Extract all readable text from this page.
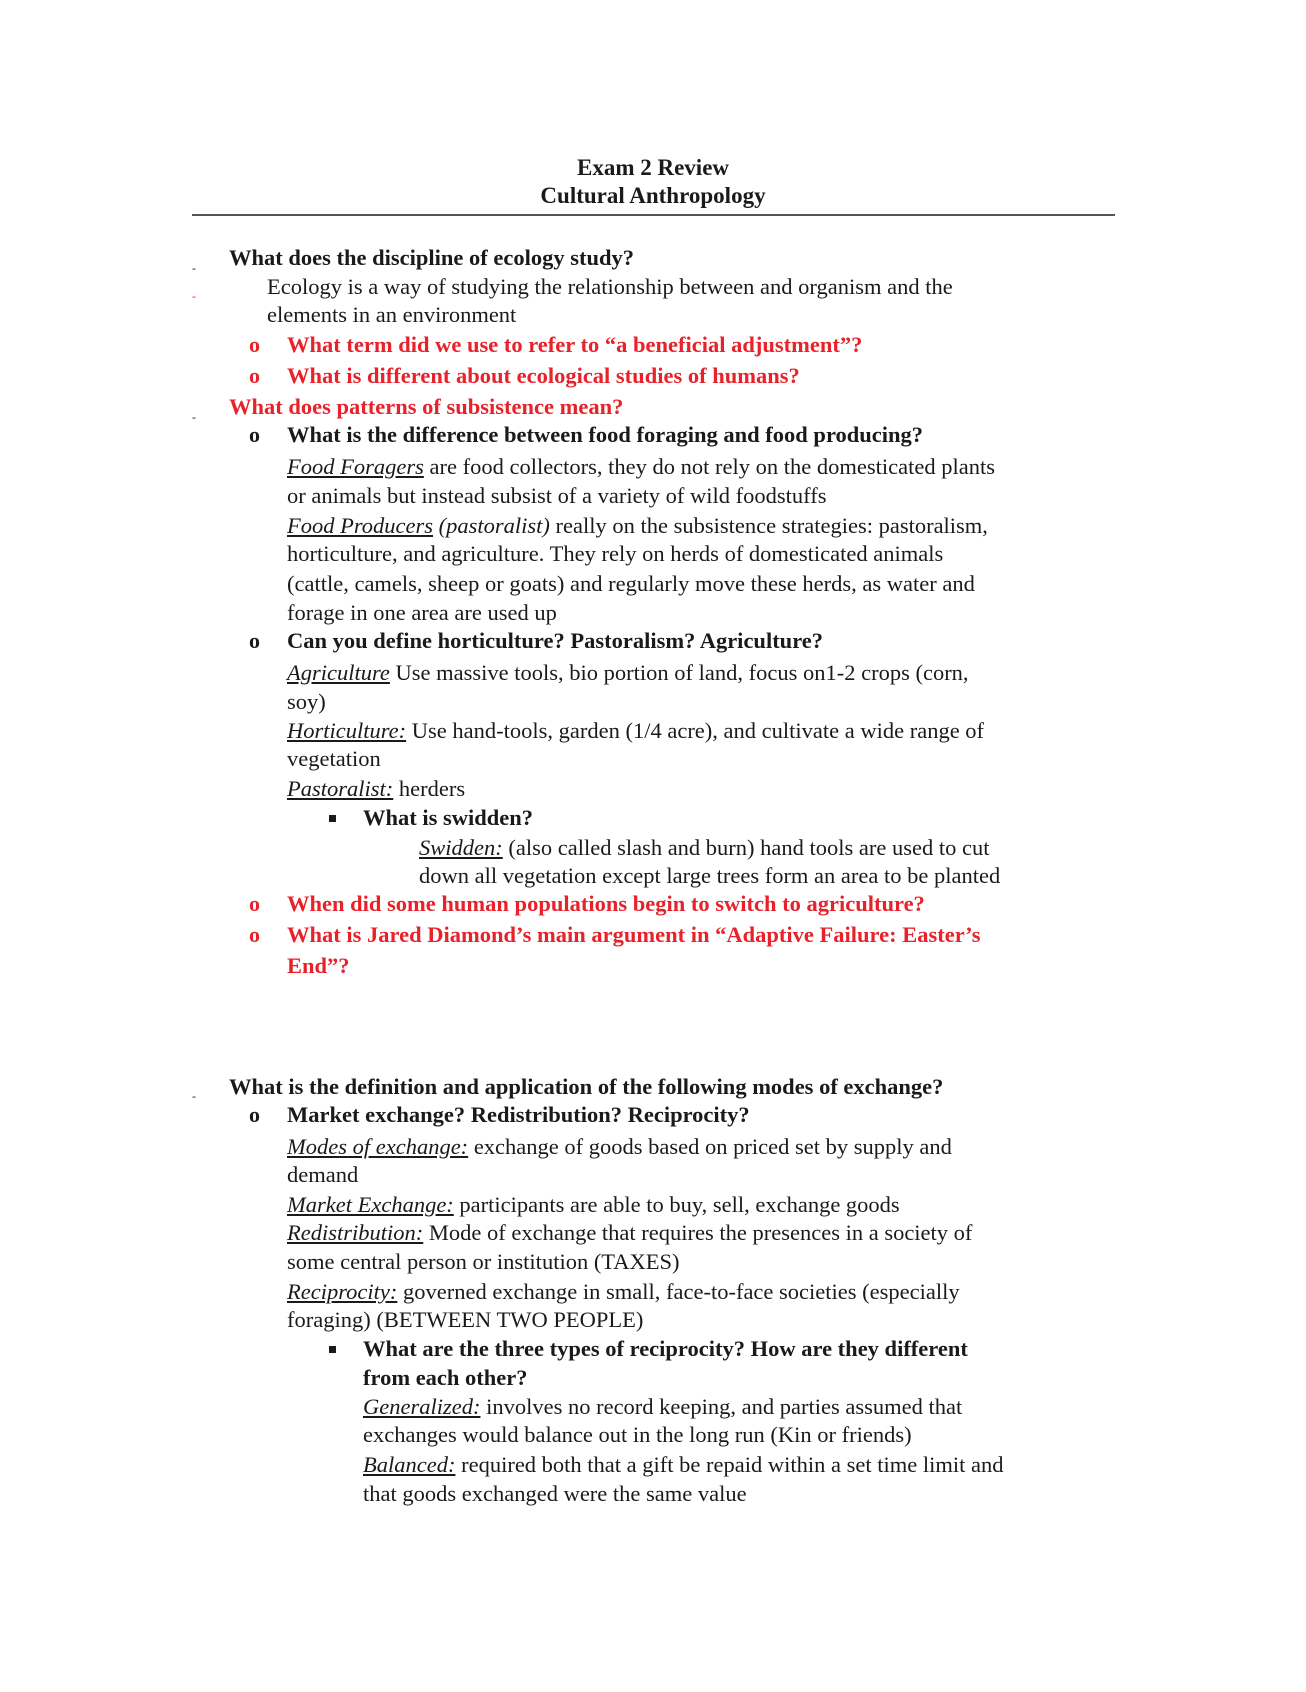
Exam 2 Review
Cultural Anthropology
- What does the discipline of ecology study?
-	Ecology is a way of studying the relationship between and organism and the
elements in an environment
o What term did we use to refer to “a beneficial adjustment”?
o What is different about ecological studies of humans?
- What does patterns of subsistence mean?
o What is the difference between food foraging and food producing?
Food Foragers are food collectors, they do not rely on the domesticated plants
or animals but instead subsist of a variety of wild foodstuffs
Food Producers (pastoralist) really on the subsistence strategies: pastoralism,
horticulture, and agriculture. They rely on herds of domesticated animals
(cattle, camels, sheep or goats) and regularly move these herds, as water and
forage in one area are used up
o Can you define horticulture? Pastoralism? Agriculture?
Agriculture Use massive tools, bio portion of land, focus on1-2 crops (corn,
soy)
Horticulture: Use hand-tools, garden (1/4 acre), and cultivate a wide range of
vegetation
Pastoralist: herders
What is swidden?
Swidden: (also called slash and burn) hand tools are used to cut
down all vegetation except large trees form an area to be planted
o When did some human populations begin to switch to agriculture?
o What is Jared Diamond’s main argument in “Adaptive Failure: Easter’s
End”?
- What is the definition and application of the following modes of exchange?
o Market exchange? Redistribution? Reciprocity?
Modes of exchange: exchange of goods based on priced set by supply and
demand
Market Exchange: participants are able to buy, sell, exchange goods
Redistribution: Mode of exchange that requires the presences in a society of
some central person or institution (TAXES)
Reciprocity: governed exchange in small, face-to-face societies (especially
foraging) (BETWEEN TWO PEOPLE)
What are the three types of reciprocity? How are they different
from each other?
Generalized: involves no record keeping, and parties assumed that
exchanges would balance out in the long run (Kin or friends)
Balanced: required both that a gift be repaid within a set time limit and
that goods exchanged were the same value
